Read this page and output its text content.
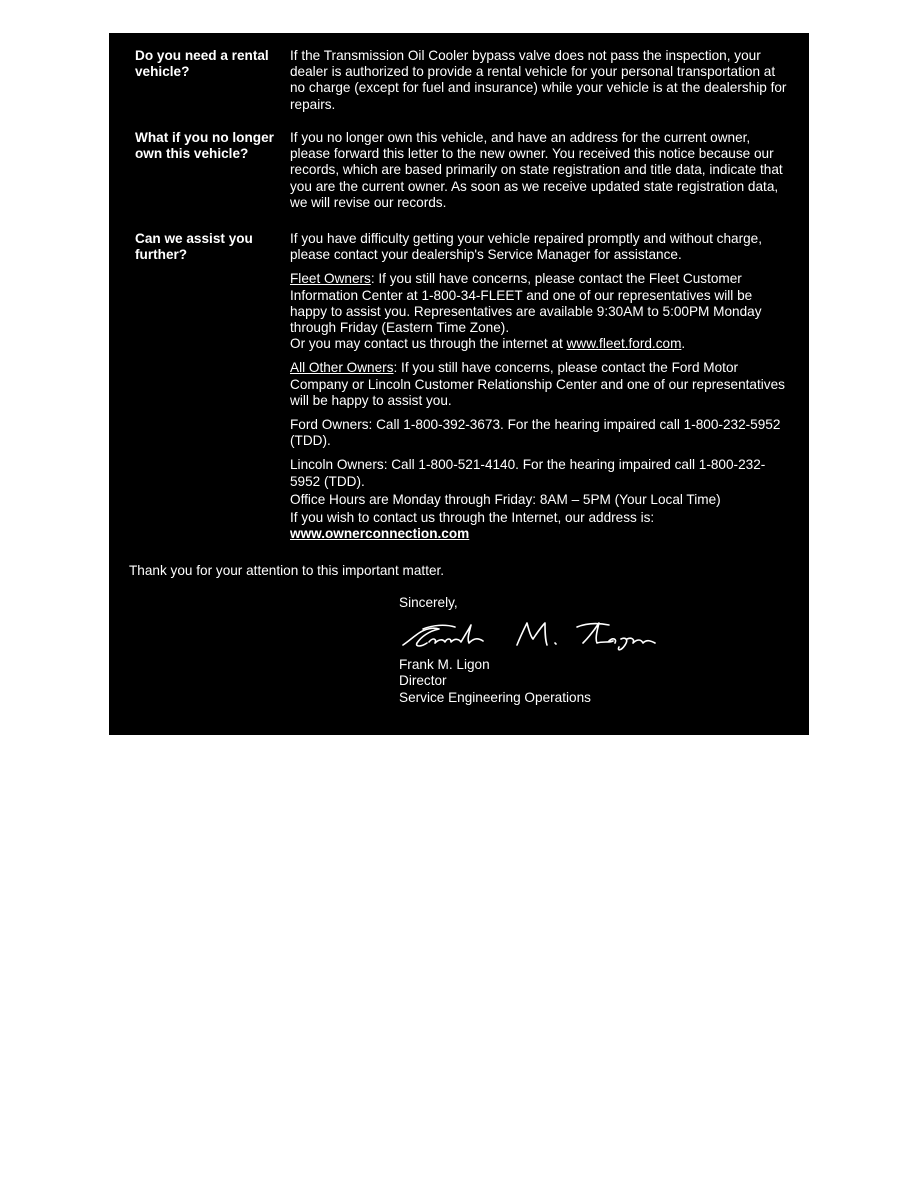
Do you need a rental vehicle?

If the Transmission Oil Cooler bypass valve does not pass the inspection, your dealer is authorized to provide a rental vehicle for your personal transportation at no charge (except for fuel and insurance) while your vehicle is at the dealership for repairs.

What if you no longer own this vehicle?

If you no longer own this vehicle, and have an address for the current owner, please forward this letter to the new owner. You received this notice because our records, which are based primarily on state registration and title data, indicate that you are the current owner. As soon as we receive updated state registration data, we will revise our records.

Can we assist you further?

If you have difficulty getting your vehicle repaired promptly and without charge, please contact your dealership's Service Manager for assistance.

Fleet Owners: If you still have concerns, please contact the Fleet Customer Information Center at 1-800-34-FLEET and one of our representatives will be happy to assist you. Representatives are available 9:30AM to 5:00PM Monday through Friday (Eastern Time Zone).
Or you may contact us through the internet at www.fleet.ford.com.

All Other Owners: If you still have concerns, please contact the Ford Motor Company or Lincoln Customer Relationship Center and one of our representatives will be happy to assist you.

Ford Owners: Call 1-800-392-3673. For the hearing impaired call 1-800-232-5952 (TDD).

Lincoln Owners: Call 1-800-521-4140. For the hearing impaired call 1-800-232-5952 (TDD).

Office Hours are Monday through Friday: 8AM – 5PM (Your Local Time)

If you wish to contact us through the Internet, our address is:
www.ownerconnection.com

Thank you for your attention to this important matter.
Sincerely,
Frank M. Ligon
Director
Service Engineering Operations
